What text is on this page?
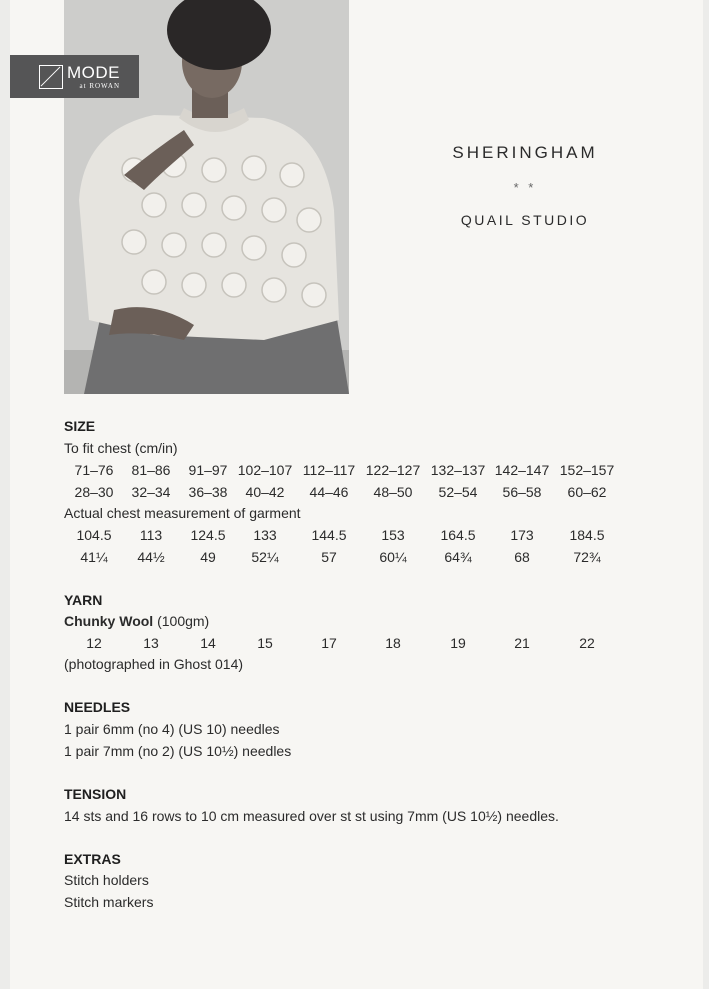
MODE
at ROWAN
SHERINGHAM
* *
QUAIL STUDIO
SIZE
To fit chest (cm/in)
71–76 81–86 91–97 102–107 112–117 122–127 132–137 142–147 152–157
28–30 32–34 36–38 40–42 44–46 48–50 52–54 56–58 60–62
Actual chest measurement of garment
104.5 113 124.5 133 144.5 153	164.5 173	184.5
41¼ 44½	49	52¼	57	60¼	64¾	68	72¾
YARN
Chunky Wool (100gm)
12	13	14	15	17	18	19	21	22
(photographed in Ghost 014)
NEEDLES
1 pair 6mm (no 4) (US 10) needles
1 pair 7mm (no 2) (US 10½) needles
TENSION
14 sts and 16 rows to 10 cm measured over st st using 7mm (US 10½) needles.
EXTRAS
Stitch holders
Stitch markers
